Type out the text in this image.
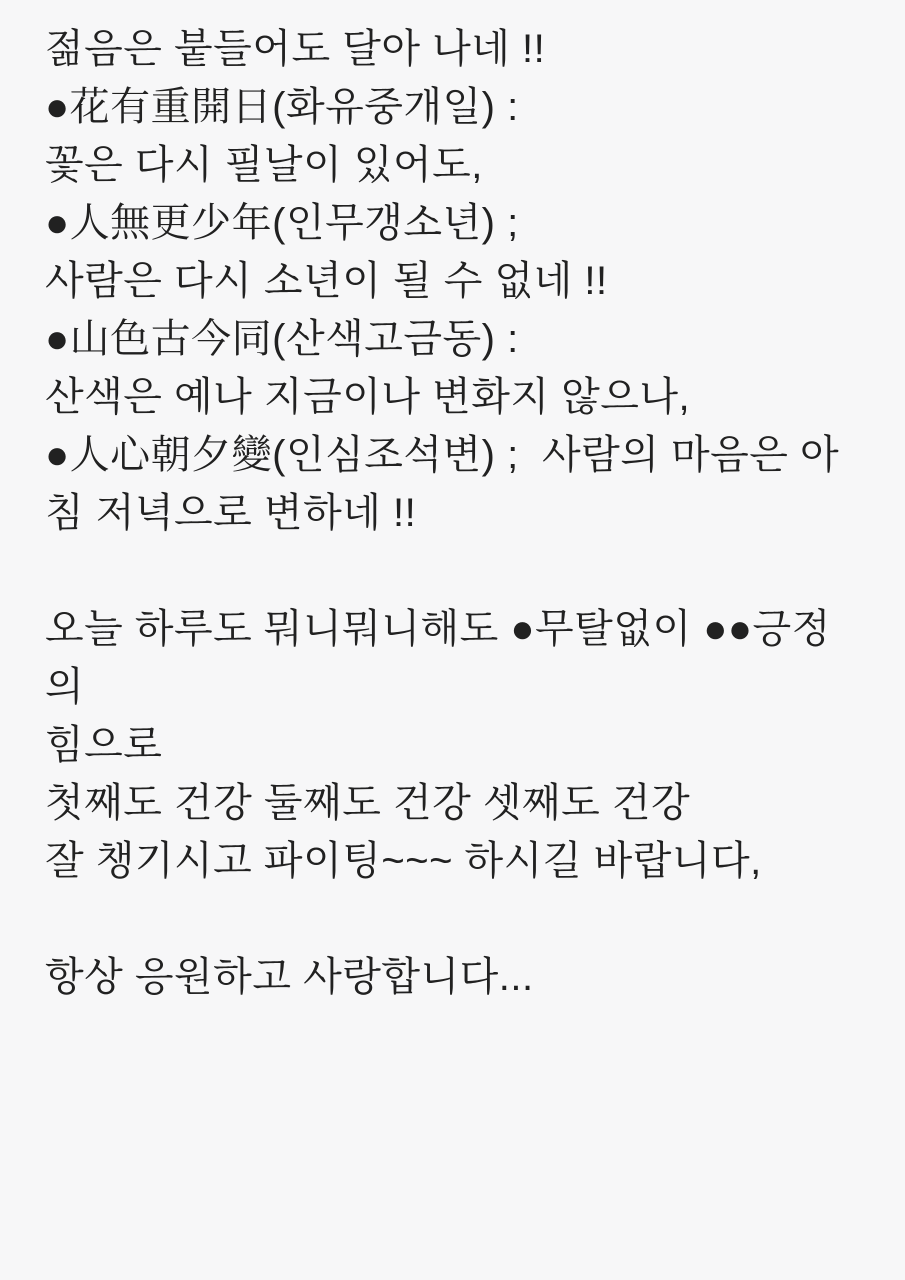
젊음은 붙들어도 달아 나네 !!
●花有重開日(화유중개일) :
꽃은 다시 필날이 있어도,
●人無更少年(인무갱소년) ;
사람은 다시 소년이 될 수 없네 !!
●山色古今同(산색고금동) :
산색은 예나 지금이나 변화지 않으나,
●人心朝夕變(인심조석변) ;  사람의 마음은 아
침 저녁으로 변하네 !!
오늘 하루도 뭐니뭐니해도 ●무탈없이 ●●긍정의
힘으로
첫째도 건강 둘째도 건강 셋째도 건강
잘 챙기시고 파이팅~~~ 하시길 바랍니다,
항상 응원하고 사랑합니다...
